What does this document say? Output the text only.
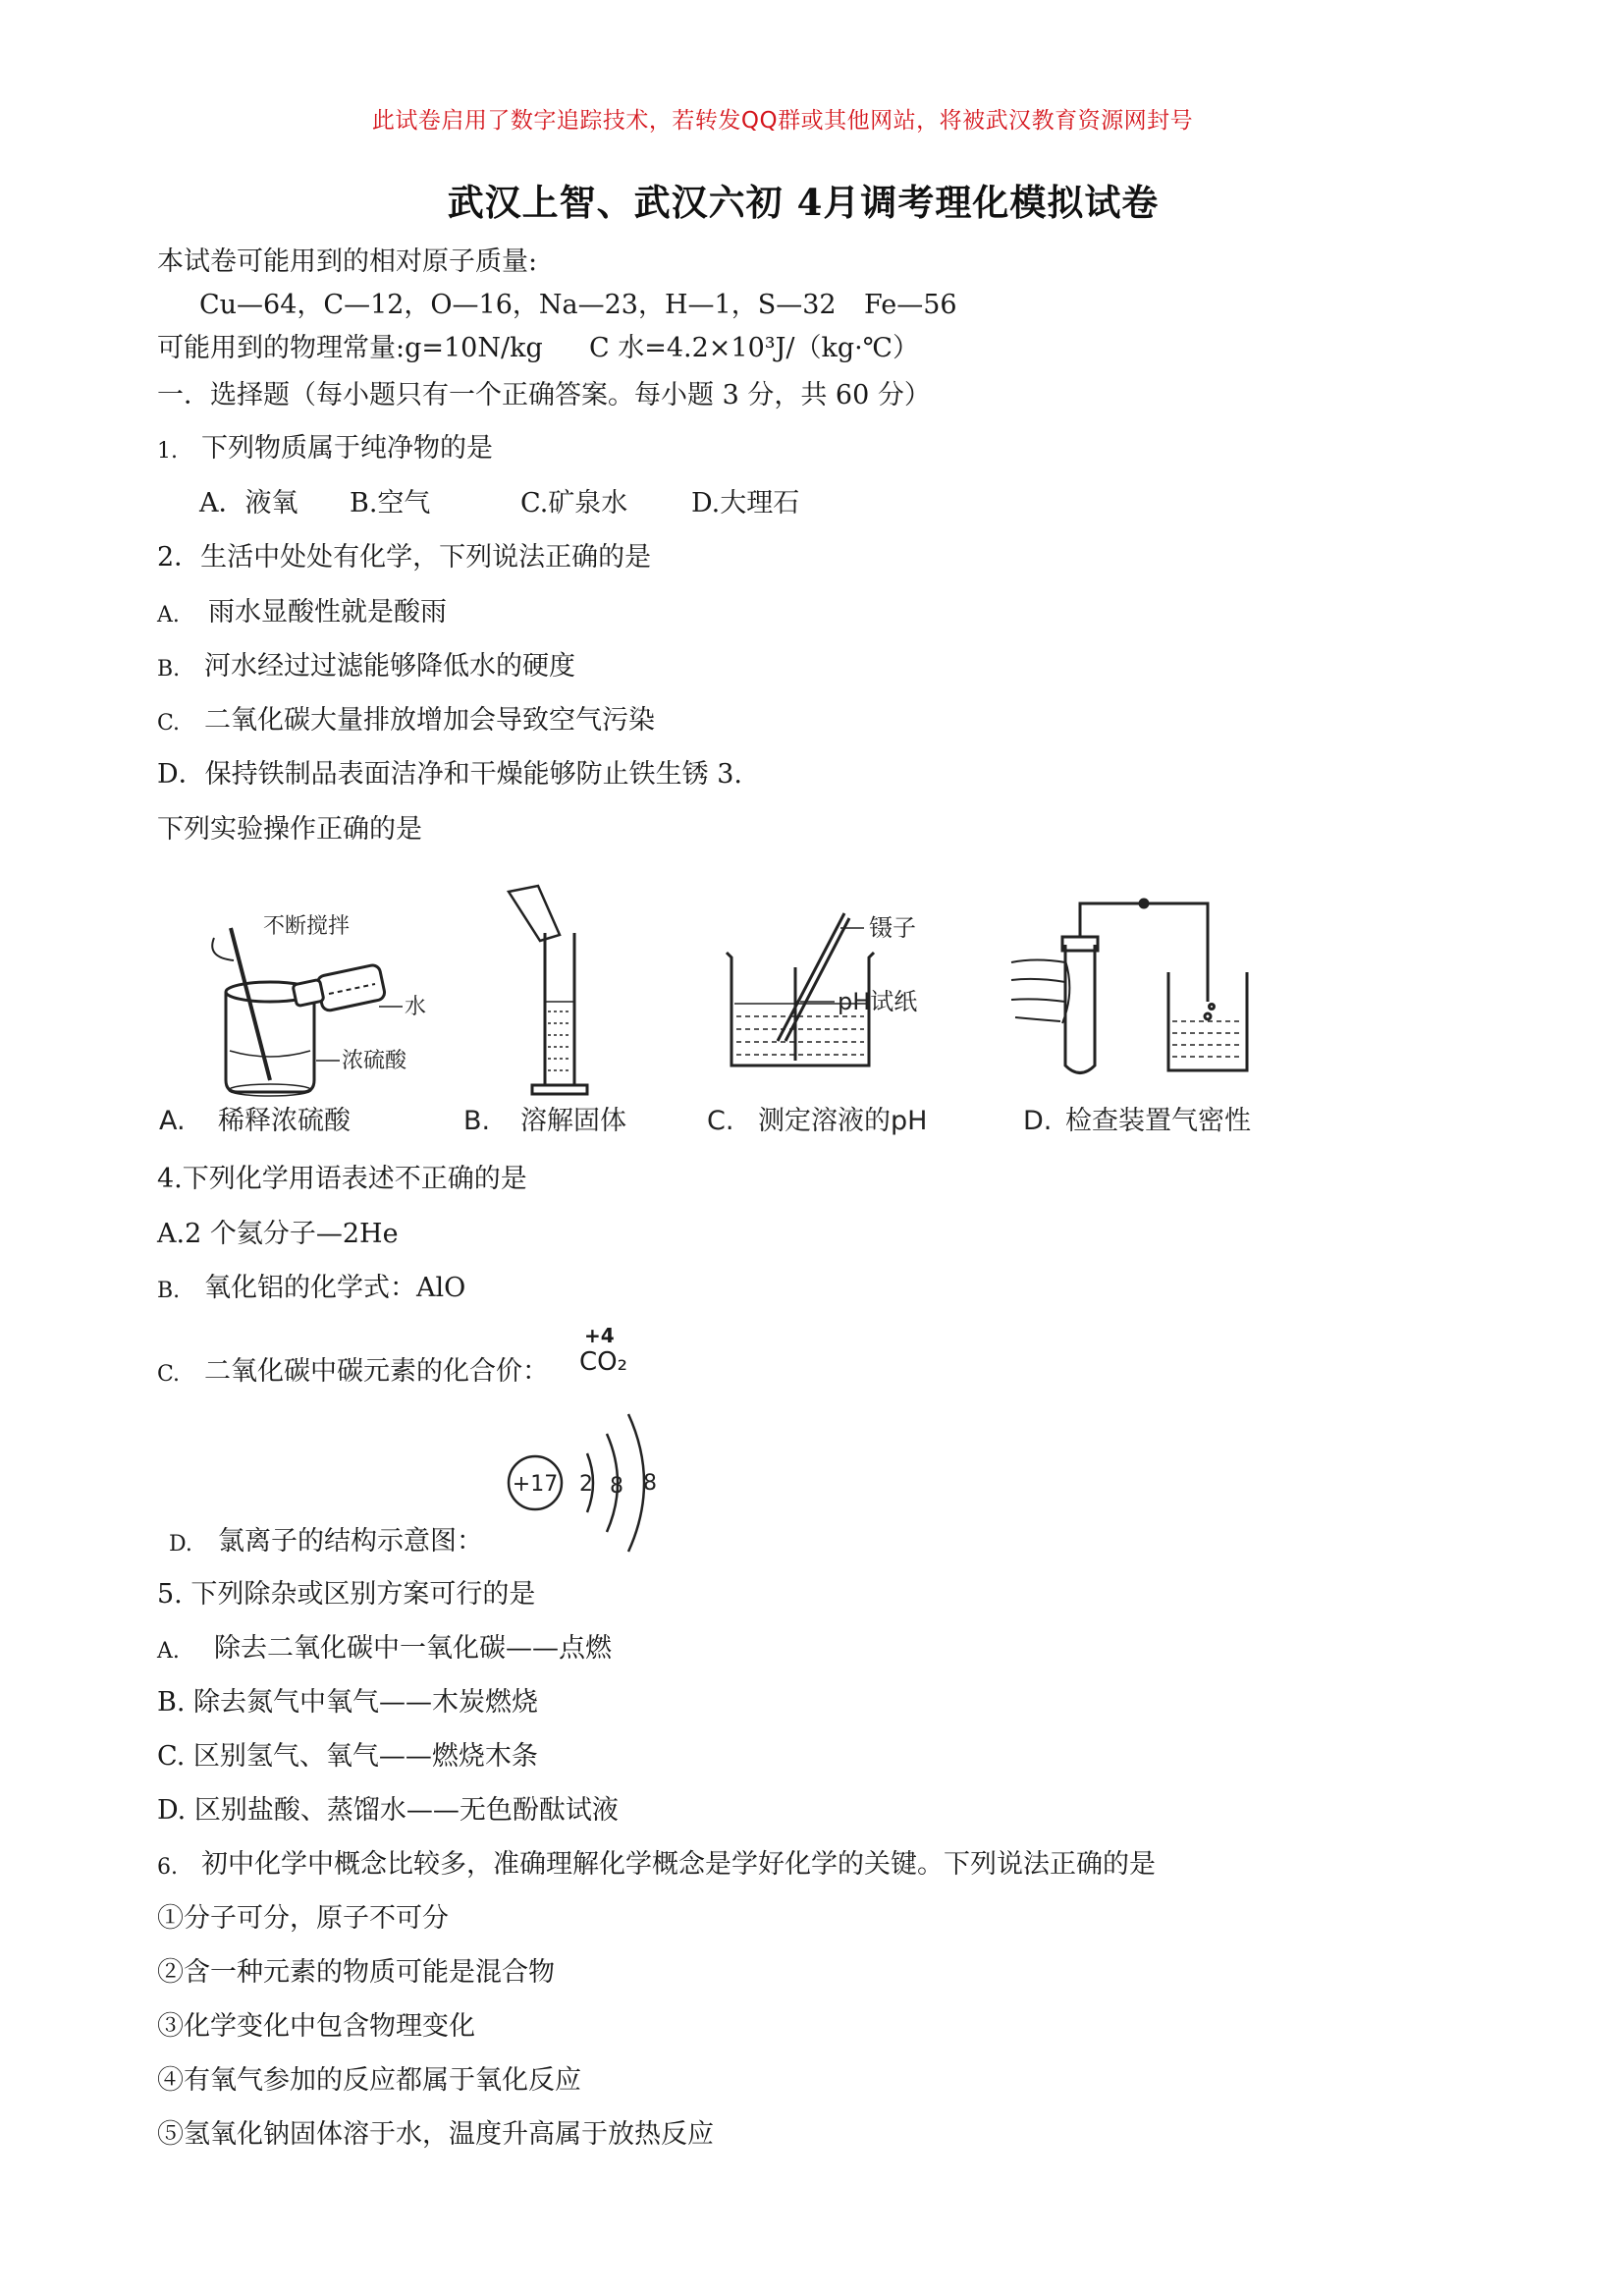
此试卷启用了数字追踪技术，若转发QQ群或其他网站，将被武汉教育资源网封号
武汉上智、武汉六初 4月调考理化模拟试卷
本试卷可能用到的相对原子质量:
Cu—64，C—12，O—16，Na—23，H—1，S—32 Fe—56
可能用到的物理常量:g=10N/kg C 水=4.2×10³J/（kg·℃）
一．选择题（每小题只有一个正确答案。每小题 3 分，共 60 分）
1. 下列物质属于纯净物的是
A．液氧 B.空气	C.矿泉水 D.大理石
2．生活中处处有化学，下列说法正确的是
A. 雨水显酸性就是酸雨
B. 河水经过过滤能够降低水的硬度
C. 二氧化碳大量排放增加会导致空气污染
D．保持铁制品表面洁净和干燥能够防止铁生锈 3.
下列实验操作正确的是
不断搅拌
水
浓硫酸
镊子
pH试纸
A. 稀释浓硫酸	B. 溶解固体	C. 测定溶液的pH	D. 检查装置气密性
4.下列化学用语表述不正确的是
A.2 个氦分子—2He
B. 氧化铝的化学式：AlO
C. 二氧化碳中碳元素的化合价：
+4
CO₂
D. 氯离子的结构示意图：
+17 2 8 8
5. 下列除杂或区别方案可行的是
A. 除去二氧化碳中一氧化碳——点燃
B. 除去氮气中氧气——木炭燃烧
C. 区别氢气、氧气——燃烧木条
D. 区别盐酸、蒸馏水——无色酚酞试液
6. 初中化学中概念比较多，准确理解化学概念是学好化学的关键。下列说法正确的是
①分子可分，原子不可分
②含一种元素的物质可能是混合物
③化学变化中包含物理变化
④有氧气参加的反应都属于氧化反应
⑤氢氧化钠固体溶于水，温度升高属于放热反应
